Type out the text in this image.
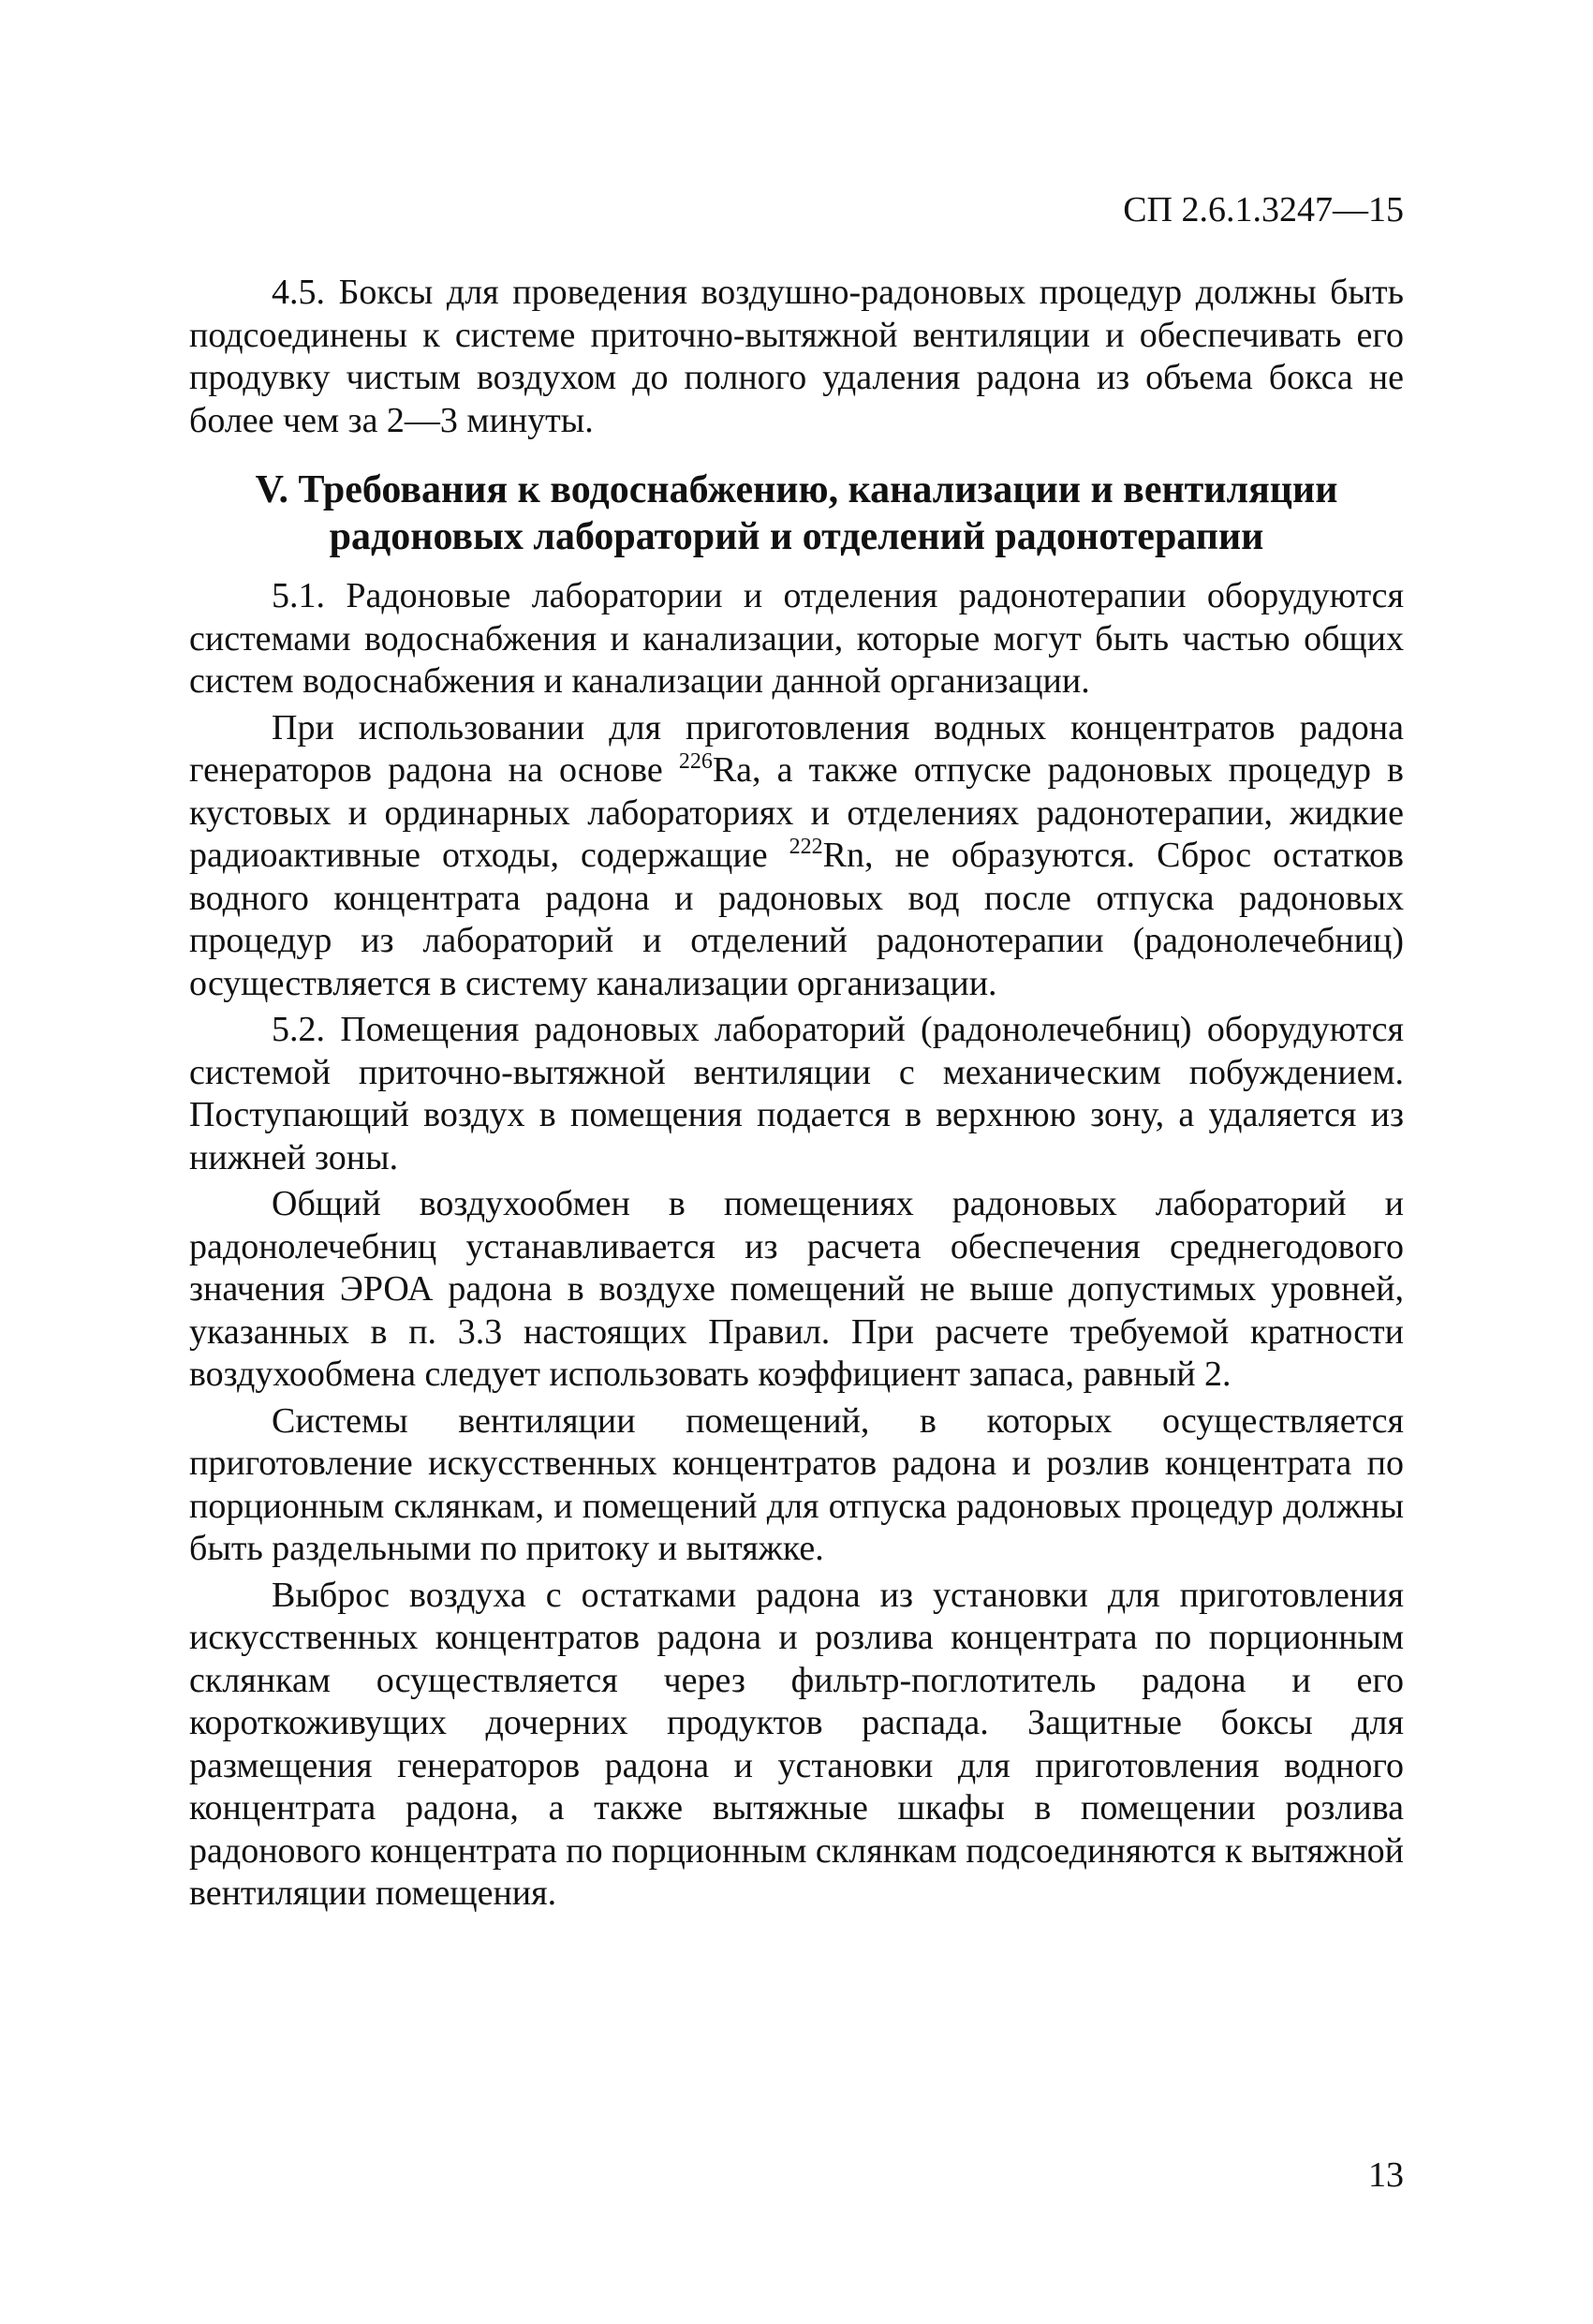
СП 2.6.1.3247—15

4.5. Боксы для проведения воздушно-радоновых процедур должны быть подсоединены к системе приточно-вытяжной вентиляции и обеспечивать его продувку чистым воздухом до полного удаления радона из объема бокса не более чем за 2—3 минуты.

V. Требования к водоснабжению, канализации и вентиляции
радоновых лабораторий и отделений радонотерапии

5.1. Радоновые лаборатории и отделения радонотерапии оборудуются системами водоснабжения и канализации, которые могут быть частью общих систем водоснабжения и канализации данной организации.

При использовании для приготовления водных концентратов радона генераторов радона на основе $^{226}$Ra, а также отпуске радоновых процедур в кустовых и ординарных лабораториях и отделениях радонотерапии, жидкие радиоактивные отходы, содержащие $^{222}$Rn, не образуются. Сброс остатков водного концентрата радона и радоновых вод после отпуска радоновых процедур из лабораторий и отделений радонотерапии (радонолечебниц) осуществляется в систему канализации организации.

5.2. Помещения радоновых лабораторий (радонолечебниц) оборудуются системой приточно-вытяжной вентиляции с механическим побуждением. Поступающий воздух в помещения подается в верхнюю зону, а удаляется из нижней зоны.

Общий воздухообмен в помещениях радоновых лабораторий и радонолечебниц устанавливается из расчета обеспечения среднегодового значения ЭРОА радона в воздухе помещений не выше допустимых уровней, указанных в п. 3.3 настоящих Правил. При расчете требуемой кратности воздухообмена следует использовать коэффициент запаса, равный 2.

Системы вентиляции помещений, в которых осуществляется приготовление искусственных концентратов радона и розлив концентрата по порционным склянкам, и помещений для отпуска радоновых процедур должны быть раздельными по притоку и вытяжке.

Выброс воздуха с остатками радона из установки для приготовления искусственных концентратов радона и розлива концентрата по порционным склянкам осуществляется через фильтр-поглотитель радона и его короткоживущих дочерних продуктов распада. Защитные боксы для размещения генераторов радона и установки для приготовления водного концентрата радона, а также вытяжные шкафы в помещении розлива радонового концентрата по порционным склянкам подсоединяются к вытяжной вентиляции помещения.

13
